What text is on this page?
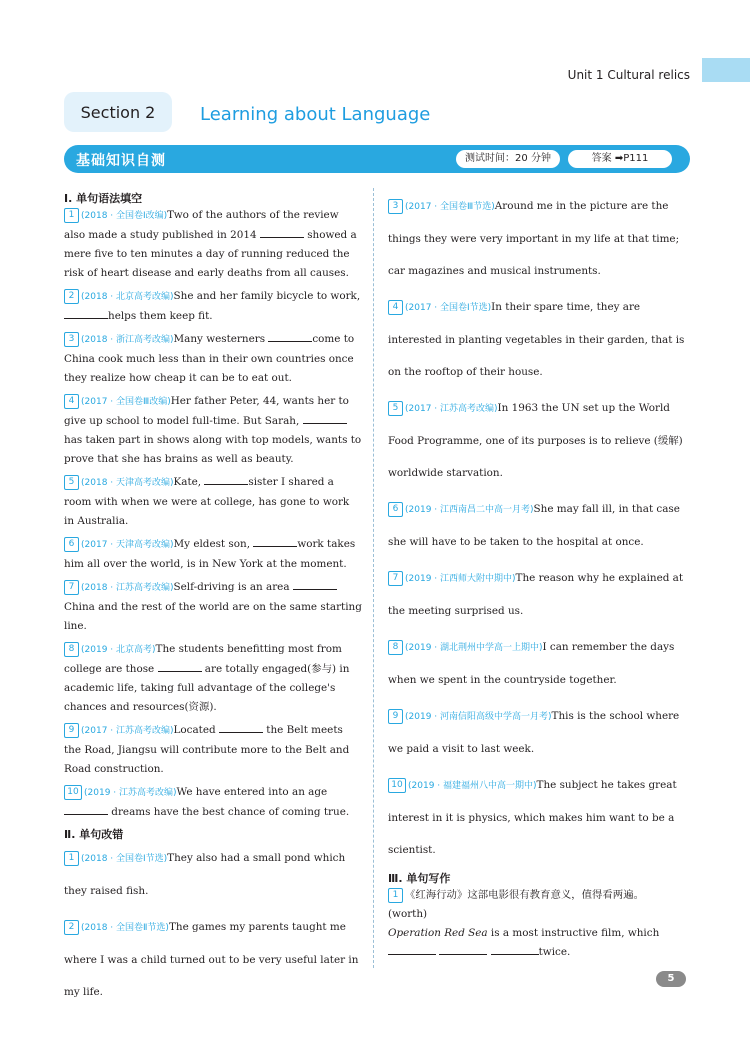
Unit 1 Cultural relics
Section 2	Learning about Language
基础知识自测	测试时间：20 分钟	答案 ➡P111

Ⅰ. 单句语法填空

1 (2018 · 全国卷Ⅰ改编)Two of the authors of the review also made a study published in 2014	showed a mere five to ten minutes a day of running reduced the risk of heart disease and early deaths from all causes.
2 (2018 · 北京高考改编)She and her family bicycle to work, helps them keep fit.
3 (2018 · 浙江高考改编)Many westerners	come to China cook much less than in their own countries once they realize how cheap it can be to eat out.
4 (2017 · 全国卷Ⅲ改编)Her father Peter, 44, wants her to give up school to model full-time. But Sarah,  has taken part in shows along with top models, wants to prove that she has brains as well as beauty.
5 (2018 · 天津高考改编)Kate,	sister I shared a room with when we were at college, has gone to work in Australia.
6 (2017 · 天津高考改编)My eldest son,	work takes him all over the world, is in New York at the moment.
7 (2018 · 江苏高考改编)Self-driving is an area  China and the rest of the world are on the same starting line.
8 (2019 · 北京高考)The students benefitting most from college are those	are totally engaged(参与) in academic life, taking full advantage of the college's chances and resources(资源).
9 (2017 · 江苏高考改编)Located	the Belt meets the Road, Jiangsu will contribute more to the Belt and Road construction.
10 (2019 · 江苏高考改编)We have entered into an age  dreams have the best chance of coming true.

Ⅱ. 单句改错

1 (2018 · 全国卷Ⅰ节选)They also had a small pond which they raised fish.
2 (2018 · 全国卷Ⅱ节选)The games my parents taught me where I was a child turned out to be very useful later in my life.
3 (2017 · 全国卷Ⅲ节选)Around me in the picture are the things they were very important in my life at that time; car magazines and musical instruments.
4 (2017 · 全国卷Ⅰ节选)In their spare time, they are interested in planting vegetables in their garden, that is on the rooftop of their house.
5 (2017 · 江苏高考改编)In 1963 the UN set up the World Food Programme, one of its purposes is to relieve (缓解) worldwide starvation.
6 (2019 · 江西南昌二中高一月考)She may fall ill, in that case she will have to be taken to the hospital at once.
7 (2019 · 江西师大附中期中)The reason why he explained at the meeting surprised us.
8 (2019 · 湖北荆州中学高一上期中)I can remember the days when we spent in the countryside together.
9 (2019 · 河南信阳高级中学高一月考)This is the school where we paid a visit to last week.
10 (2019 · 福建福州八中高一期中)The subject he takes great interest in it is physics, which makes him want to be a scientist.

Ⅲ. 单句写作

1 《红海行动》这部电影很有教育意义，值得看两遍。
(worth)
Operation Red Sea is a most instructive film, which
twice.
5
